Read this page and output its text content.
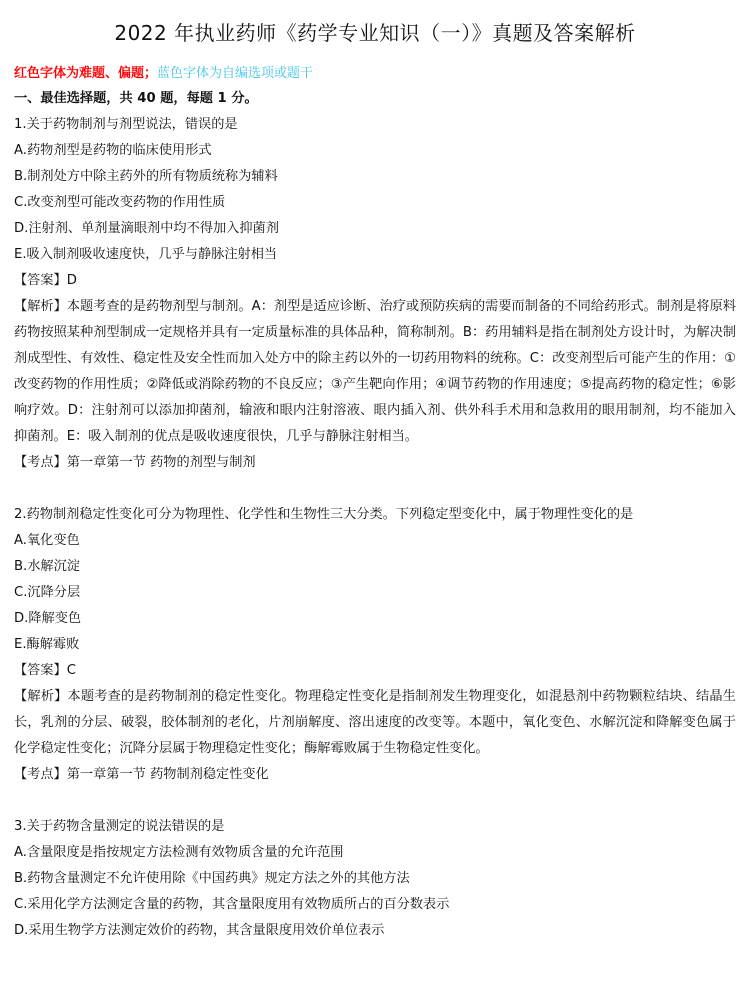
2022 年执业药师《药学专业知识（一）》真题及答案解析
红色字体为难题、偏题；蓝色字体为自编选项或题干

一、最佳选择题，共 40 题，每题 1 分。

1.关于药物制剂与剂型说法，错误的是

A.药物剂型是药物的临床使用形式

B.制剂处方中除主药外的所有物质统称为辅料

C.改变剂型可能改变药物的作用性质

D.注射剂、单剂量滴眼剂中均不得加入抑菌剂

E.吸入制剂吸收速度快，几乎与静脉注射相当

【答案】D

【解析】本题考查的是药物剂型与制剂。A：剂型是适应诊断、治疗或预防疾病的需要而制备的不同给药形式。制剂是将原料药物按照某种剂型制成一定规格并具有一定质量标准的具体品种，简称制剂。B：药用辅料是指在制剂处方设计时，为解决制剂成型性、有效性、稳定性及安全性而加入处方中的除主药以外的一切药用物料的统称。C：改变剂型后可能产生的作用：①改变药物的作用性质；②降低或消除药物的不良反应；③产生靶向作用；④调节药物的作用速度；⑤提高药物的稳定性；⑥影响疗效。D：注射剂可以添加抑菌剂，输液和眼内注射溶液、眼内插入剂、供外科手术用和急救用的眼用制剂，均不能加入抑菌剂。E：吸入制剂的优点是吸收速度很快，几乎与静脉注射相当。

【考点】第一章第一节 药物的剂型与制剂

2.药物制剂稳定性变化可分为物理性、化学性和生物性三大分类。下列稳定型变化中，属于物理性变化的是

A.氧化变色

B.水解沉淀

C.沉降分层

D.降解变色

E.酶解霉败

【答案】C

【解析】本题考查的是药物制剂的稳定性变化。物理稳定性变化是指制剂发生物理变化，如混悬剂中药物颗粒结块、结晶生长，乳剂的分层、破裂，胶体制剂的老化，片剂崩解度、溶出速度的改变等。本题中，氧化变色、水解沉淀和降解变色属于化学稳定性变化；沉降分层属于物理稳定性变化；酶解霉败属于生物稳定性变化。

【考点】第一章第一节 药物制剂稳定性变化

3.关于药物含量测定的说法错误的是

A.含量限度是指按规定方法检测有效物质含量的允许范围

B.药物含量测定不允许使用除《中国药典》规定方法之外的其他方法

C.采用化学方法测定含量的药物，其含量限度用有效物质所占的百分数表示

D.采用生物学方法测定效价的药物，其含量限度用效价单位表示
